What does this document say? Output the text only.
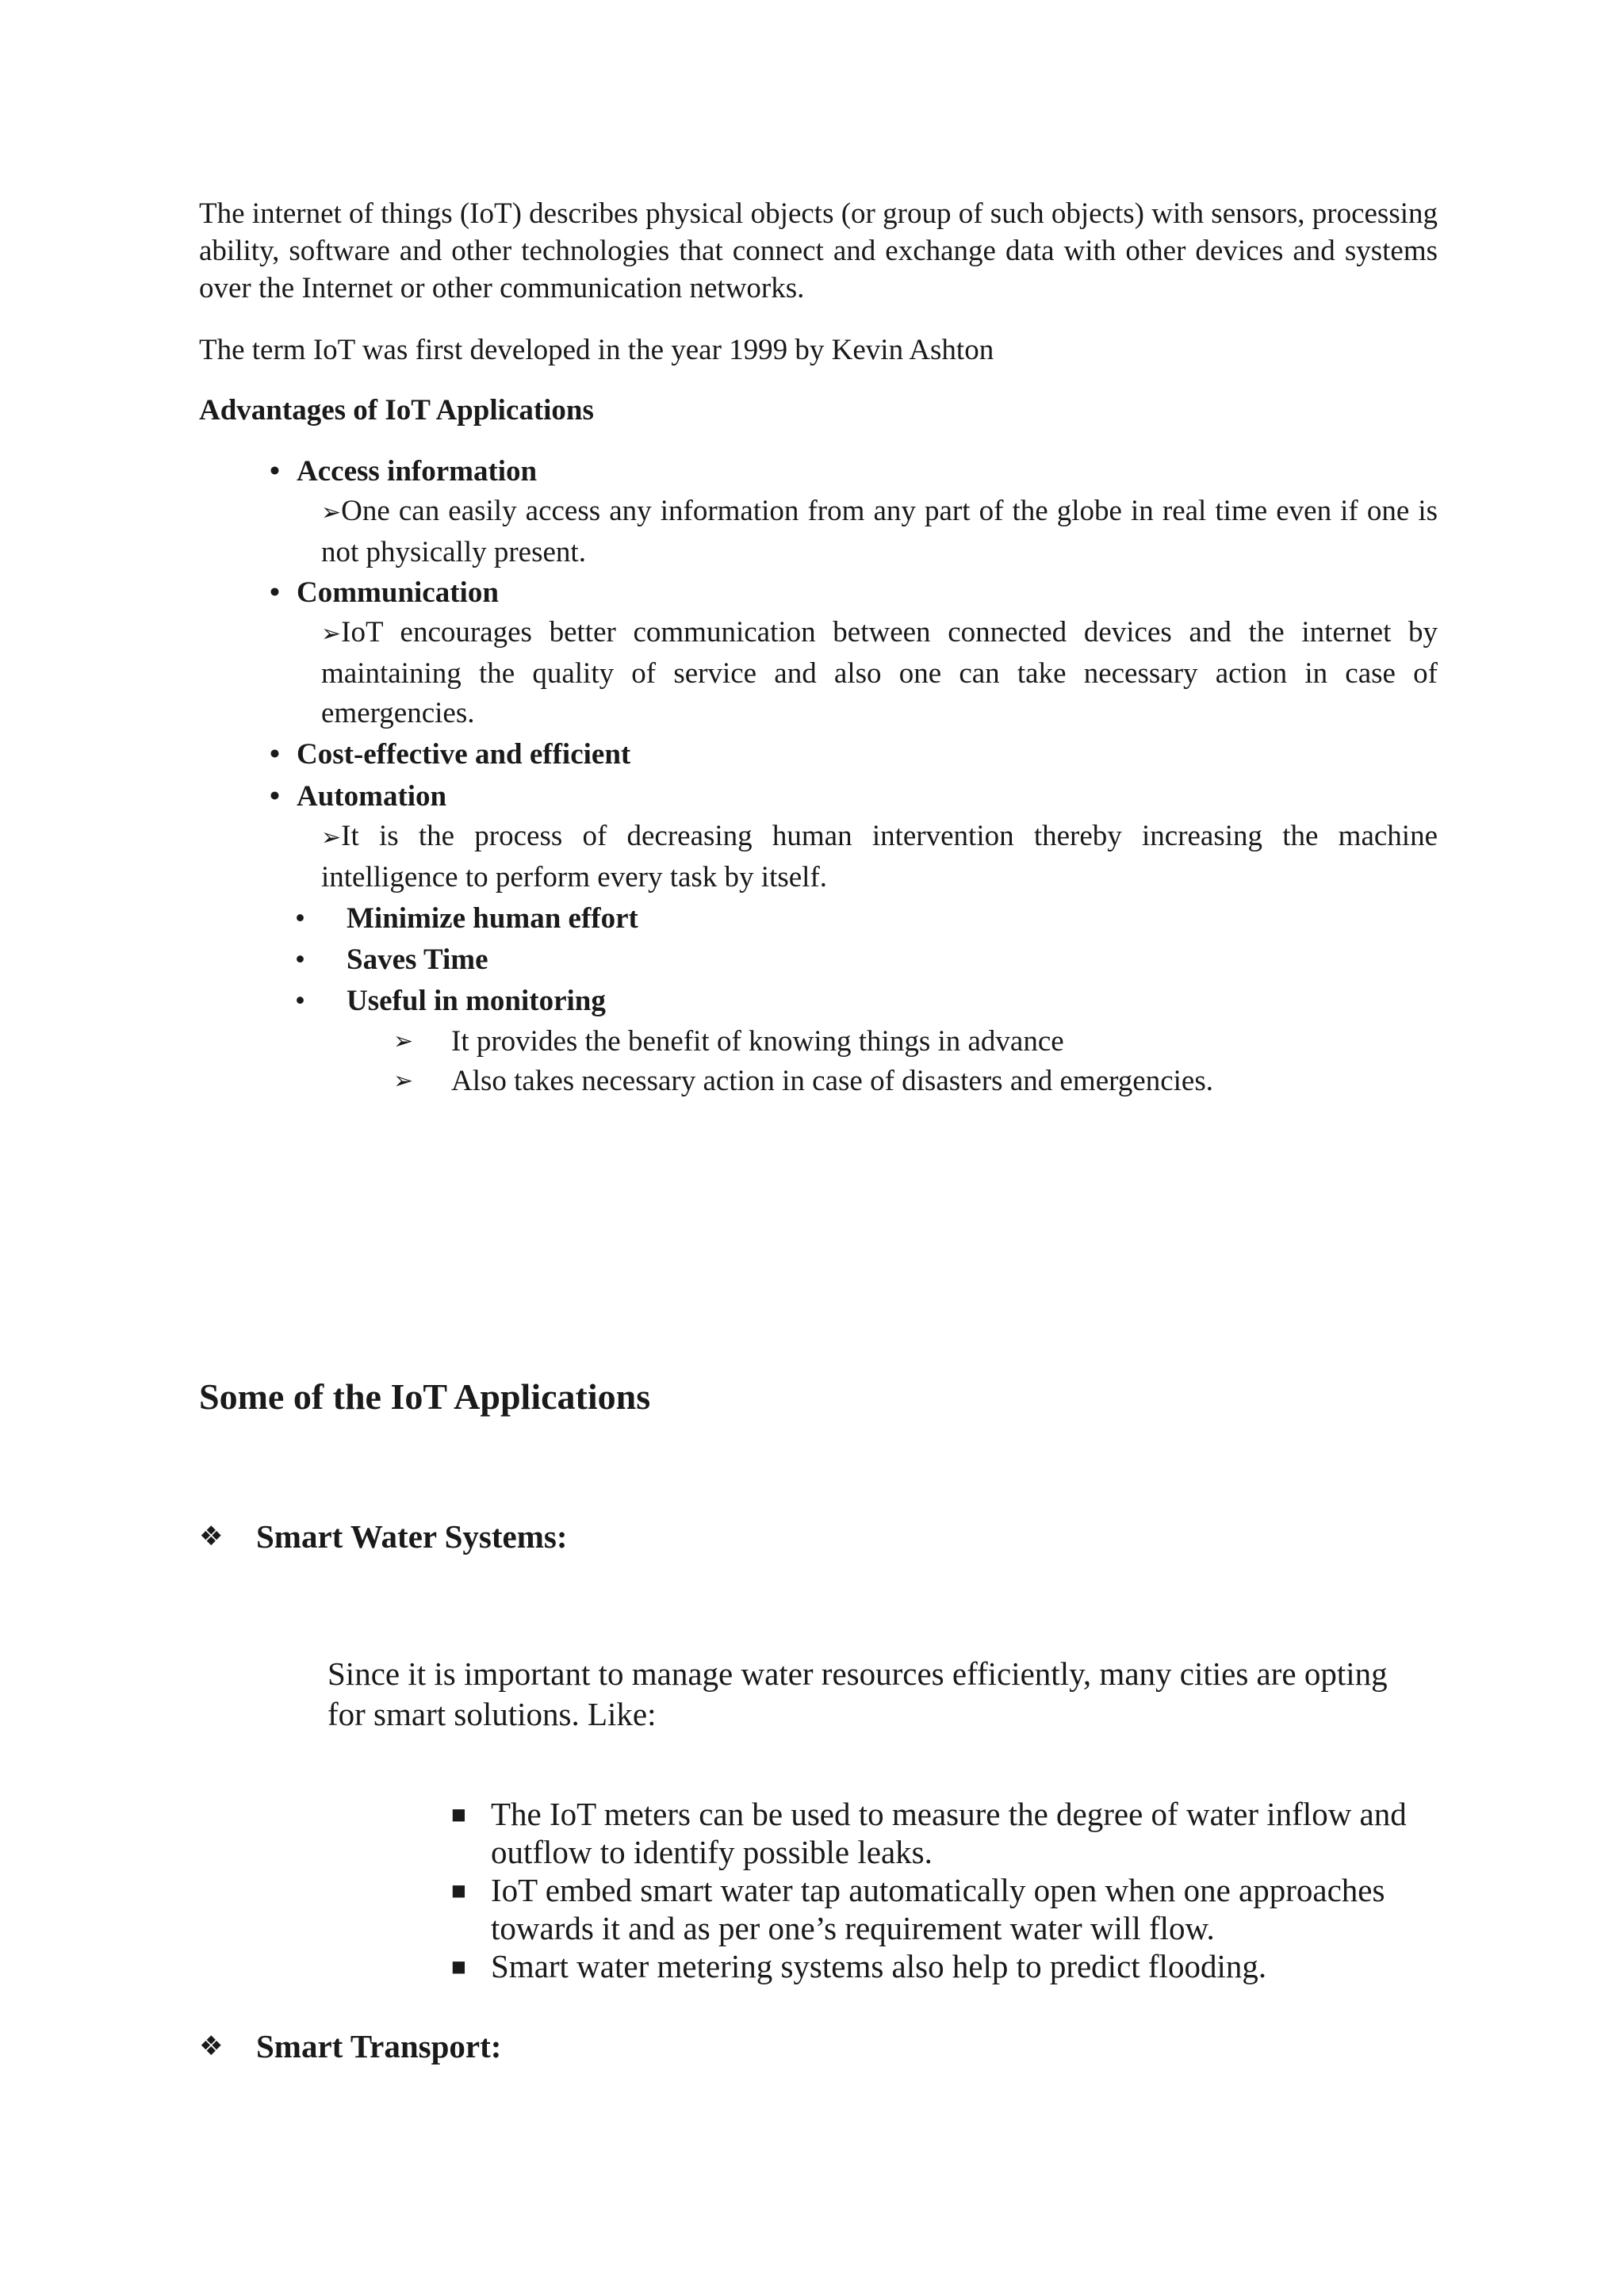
The internet of things (IoT) describes physical objects (or group of such objects) with sensors, processing ability, software and other technologies that connect and exchange data with other devices and systems over the Internet or other communication networks.

The term IoT was first developed in the year 1999 by Kevin Ashton

Advantages of IoT Applications
• Access information
➢One can easily access any information from any part of the globe in real time even if one is not physically present.
• Communication
➢IoT encourages better communication between connected devices and the internet by maintaining the quality of service and also one can take necessary action in case of emergencies.
• Cost-effective and efficient
• Automation
➢It is the process of decreasing human intervention thereby increasing the machine intelligence to perform every task by itself.
• Minimize human effort
• Saves Time
• Useful in monitoring
➢ It provides the benefit of knowing things in advance
➢ Also takes necessary action in case of disasters and emergencies.
Some of the IoT Applications
❖ Smart Water Systems:

Since it is important to manage water resources efficiently, many cities are opting for smart solutions. Like:

■ The IoT meters can be used to measure the degree of water inflow and outflow to identify possible leaks.
■ IoT embed smart water tap automatically open when one approaches towards it and as per one’s requirement water will flow.
■ Smart water metering systems also help to predict flooding.
❖ Smart Transport:
